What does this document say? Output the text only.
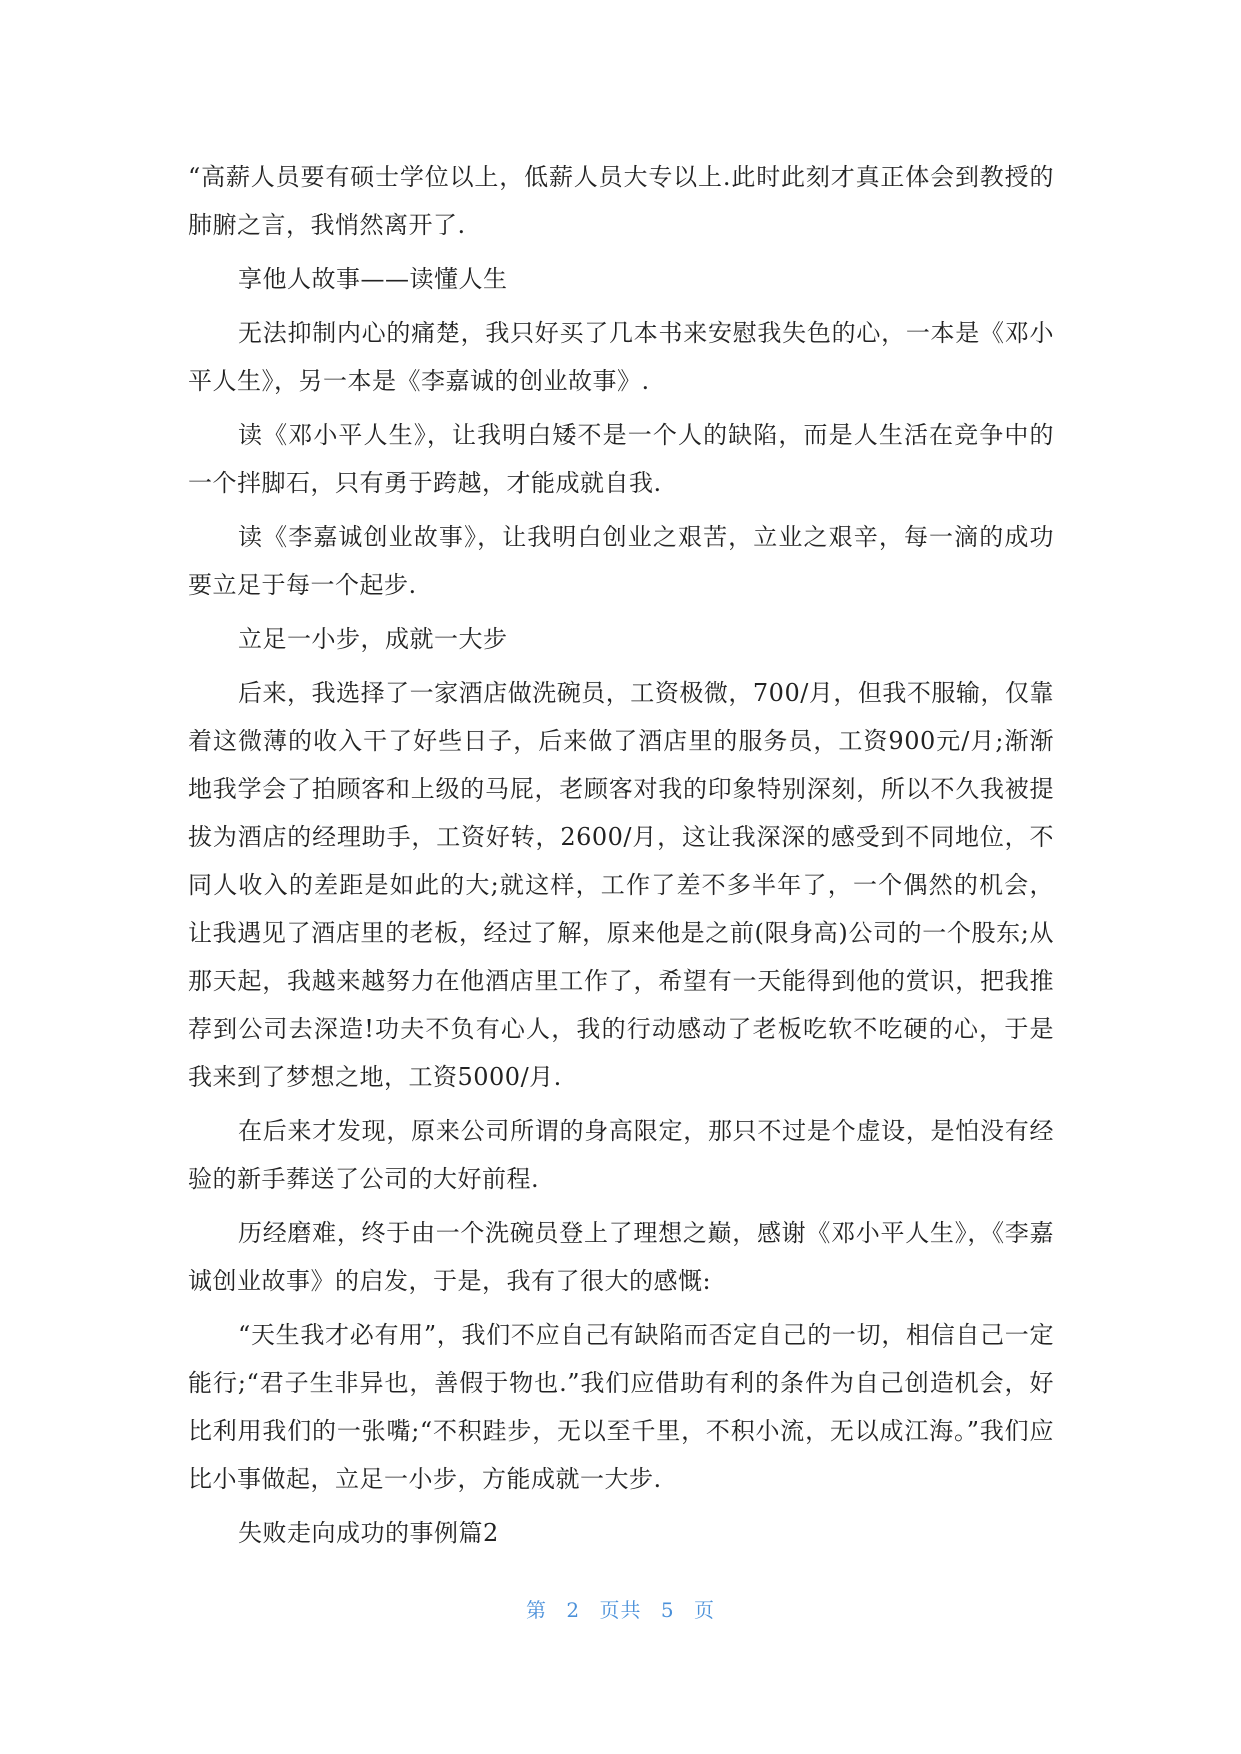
“高薪人员要有硕士学位以上，低薪人员大专以上.此时此刻才真正体会到教授的肺腑之言，我悄然离开了.

享他人故事——读懂人生

无法抑制内心的痛楚，我只好买了几本书来安慰我失色的心，一本是《邓小平人生》，另一本是《李嘉诚的创业故事》.

读《邓小平人生》，让我明白矮不是一个人的缺陷，而是人生活在竞争中的一个拌脚石，只有勇于跨越，才能成就自我.

读《李嘉诚创业故事》，让我明白创业之艰苦，立业之艰辛，每一滴的成功要立足于每一个起步.

立足一小步，成就一大步

后来，我选择了一家酒店做洗碗员，工资极微，700/月，但我不服输，仅靠着这微薄的收入干了好些日子，后来做了酒店里的服务员，工资900元/月;渐渐地我学会了拍顾客和上级的马屁，老顾客对我的印象特别深刻，所以不久我被提拔为酒店的经理助手，工资好转，2600/月，这让我深深的感受到不同地位，不同人收入的差距是如此的大;就这样，工作了差不多半年了，一个偶然的机会，让我遇见了酒店里的老板，经过了解，原来他是之前(限身高)公司的一个股东;从那天起，我越来越努力在他酒店里工作了，希望有一天能得到他的赏识，把我推荐到公司去深造!功夫不负有心人，我的行动感动了老板吃软不吃硬的心，于是我来到了梦想之地，工资5000/月.

在后来才发现，原来公司所谓的身高限定，那只不过是个虚设，是怕没有经验的新手葬送了公司的大好前程.

历经磨难，终于由一个洗碗员登上了理想之巅，感谢《邓小平人生》，《李嘉诚创业故事》的启发，于是，我有了很大的感慨:

“天生我才必有用”，我们不应自己有缺陷而否定自己的一切，相信自己一定能行;“君子生非异也，善假于物也.”我们应借助有利的条件为自己创造机会，好比利用我们的一张嘴;“不积跬步，无以至千里，不积小流，无以成江海。”我们应比小事做起，立足一小步，方能成就一大步.

失败走向成功的事例篇2

第 2 页共 5 页
